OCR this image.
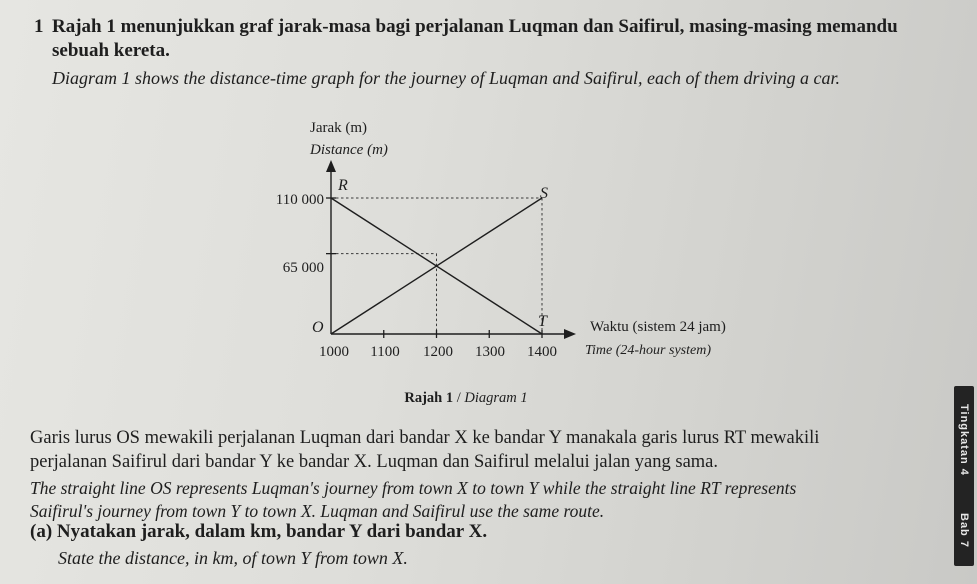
1 Rajah 1 menunjukkan graf jarak-masa bagi perjalanan Luqman dan Saifirul, masing-masing memandu
sebuah kereta.
Diagram 1 shows the distance-time graph for the journey of Luqman and Saifirul, each of them driving a car.
Jarak (m)
Distance (m)
110 000
65 000
O
R	S
T
1000 1100 1200 1300 1400
Waktu (sistem 24 jam)
Time (24-hour system)
Rajah 1 / Diagram 1
Garis lurus OS mewakili perjalanan Luqman dari bandar X ke bandar Y manakala garis lurus RT mewakili
perjalanan Saifirul dari bandar Y ke bandar X. Luqman dan Saifirul melalui jalan yang sama.
The straight line OS represents Luqman's journey from town X to town Y while the straight line RT represents
Saifirul's journey from town Y to town X. Luqman and Saifirul use the same route.
(a) Nyatakan jarak, dalam km, bandar Y dari bandar X.
State the distance, in km, of town Y from town X.
Tingkatan 4
Bab 7
